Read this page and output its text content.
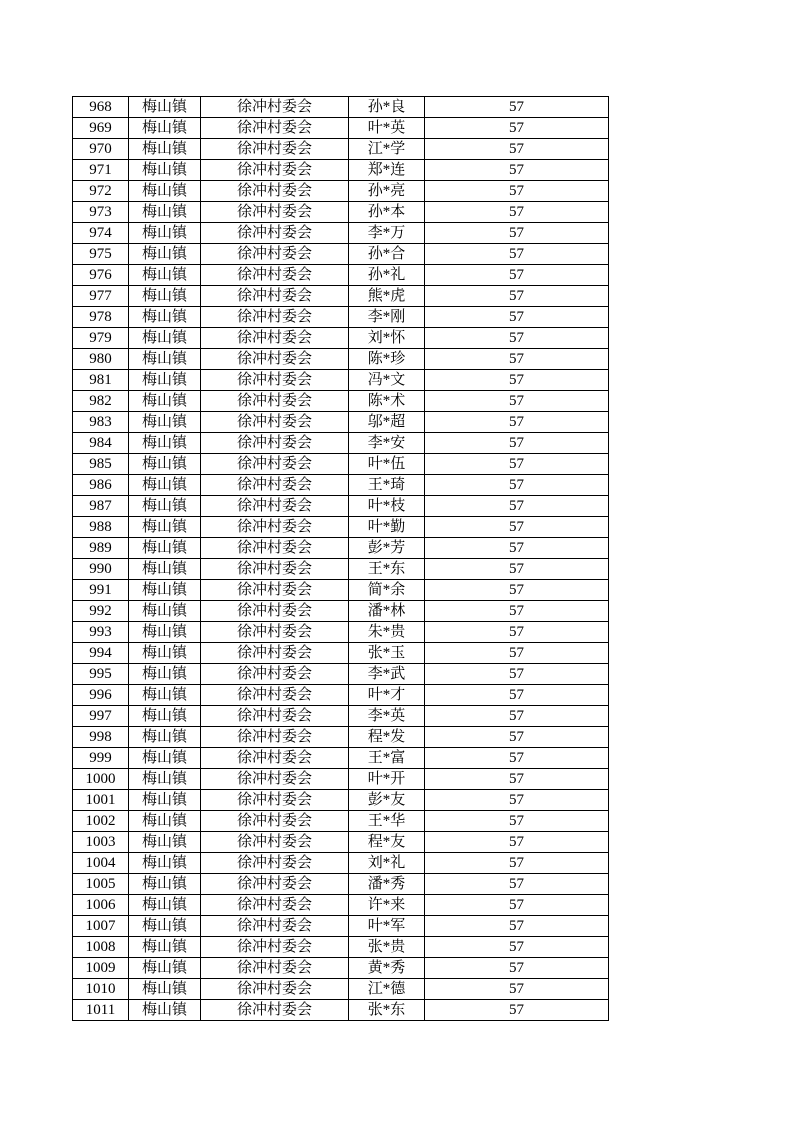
968	梅山镇	徐冲村委会	孙*良	57
969	梅山镇	徐冲村委会	叶*英	57
970	梅山镇	徐冲村委会	江*学	57
971	梅山镇	徐冲村委会	郑*连	57
972	梅山镇	徐冲村委会	孙*亮	57
973	梅山镇	徐冲村委会	孙*本	57
974	梅山镇	徐冲村委会	李*万	57
975	梅山镇	徐冲村委会	孙*合	57
976	梅山镇	徐冲村委会	孙*礼	57
977	梅山镇	徐冲村委会	熊*虎	57
978	梅山镇	徐冲村委会	李*刚	57
979	梅山镇	徐冲村委会	刘*怀	57
980	梅山镇	徐冲村委会	陈*珍	57
981	梅山镇	徐冲村委会	冯*文	57
982	梅山镇	徐冲村委会	陈*术	57
983	梅山镇	徐冲村委会	邬*超	57
984	梅山镇	徐冲村委会	李*安	57
985	梅山镇	徐冲村委会	叶*伍	57
986	梅山镇	徐冲村委会	王*琦	57
987	梅山镇	徐冲村委会	叶*枝	57
988	梅山镇	徐冲村委会	叶*勤	57
989	梅山镇	徐冲村委会	彭*芳	57
990	梅山镇	徐冲村委会	王*东	57
991	梅山镇	徐冲村委会	简*余	57
992	梅山镇	徐冲村委会	潘*林	57
993	梅山镇	徐冲村委会	朱*贵	57
994	梅山镇	徐冲村委会	张*玉	57
995	梅山镇	徐冲村委会	李*武	57
996	梅山镇	徐冲村委会	叶*才	57
997	梅山镇	徐冲村委会	李*英	57
998	梅山镇	徐冲村委会	程*发	57
999	梅山镇	徐冲村委会	王*富	57
1000	梅山镇	徐冲村委会	叶*开	57
1001	梅山镇	徐冲村委会	彭*友	57
1002	梅山镇	徐冲村委会	王*华	57
1003	梅山镇	徐冲村委会	程*友	57
1004	梅山镇	徐冲村委会	刘*礼	57
1005	梅山镇	徐冲村委会	潘*秀	57
1006	梅山镇	徐冲村委会	许*来	57
1007	梅山镇	徐冲村委会	叶*军	57
1008	梅山镇	徐冲村委会	张*贵	57
1009	梅山镇	徐冲村委会	黄*秀	57
1010	梅山镇	徐冲村委会	江*德	57
1011	梅山镇	徐冲村委会	张*东	57
